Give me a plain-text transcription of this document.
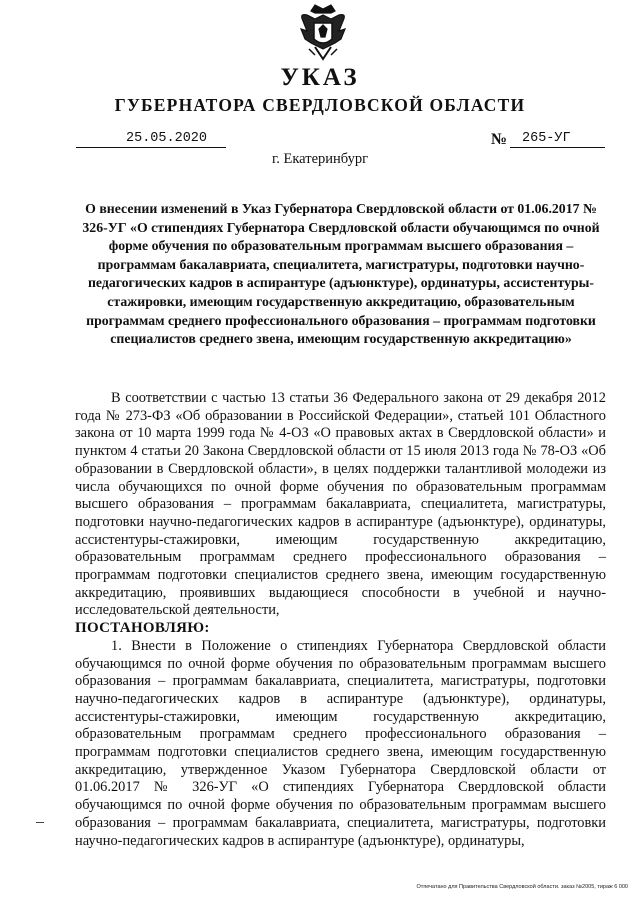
УКАЗ
ГУБЕРНАТОРА СВЕРДЛОВСКОЙ ОБЛАСТИ
25.05.2020	№ 265-УГ
г. Екатеринбург
О внесении изменений в Указ Губернатора Свердловской области от 01.06.2017 № 326-УГ «О стипендиях Губернатора Свердловской области обучающимся по очной форме обучения по образовательным программам высшего образования – программам бакалавриата, специалитета, магистратуры, подготовки научно-педагогических кадров в аспирантуре (адъюнктуре), ординатуры, ассистентуры-стажировки, имеющим государственную аккредитацию, образовательным программам среднего профессионального образования – программам подготовки специалистов среднего звена, имеющим государственную аккредитацию»

В соответствии с частью 13 статьи 36 Федерального закона от 29 декабря 2012 года № 273-ФЗ «Об образовании в Российской Федерации», статьей 101 Областного закона от 10 марта 1999 года № 4-ОЗ «О правовых актах в Свердловской области» и пунктом 4 статьи 20 Закона Свердловской области от 15 июля 2013 года № 78-ОЗ «Об образовании в Свердловской области», в целях поддержки талантливой молодежи из числа обучающихся по очной форме обучения по образовательным программам высшего образования – программам бакалавриата, специалитета, магистратуры, подготовки научно-педагогических кадров в аспирантуре (адъюнктуре), ординатуры, ассистентуры-стажировки, имеющим государственную аккредитацию, образовательным программам среднего профессионального образования – программам подготовки специалистов среднего звена, имеющим государственную аккредитацию, проявивших выдающиеся способности в учебной и научно-исследовательской деятельности,

ПОСТАНОВЛЯЮ:

1. Внести в Положение о стипендиях Губернатора Свердловской области обучающимся по очной форме обучения по образовательным программам высшего образования – программам бакалавриата, специалитета, магистратуры, подготовки научно-педагогических кадров в аспирантуре (адъюнктуре), ординатуры, ассистентуры-стажировки, имеющим государственную аккредитацию, образовательным программам среднего профессионального образования – программам подготовки специалистов среднего звена, имеющим государственную аккредитацию, утвержденное Указом Губернатора Свердловской области от 01.06.2017 № 326-УГ «О стипендиях Губернатора Свердловской области обучающимся по очной форме обучения по образовательным программам высшего образования – программам бакалавриата, специалитета, магистратуры, подготовки научно-педагогических кадров в аспирантуре (адъюнктуре), ординатуры,

Отпечатано для Правительства Свердловской области. заказ №2005, тираж 6 000
